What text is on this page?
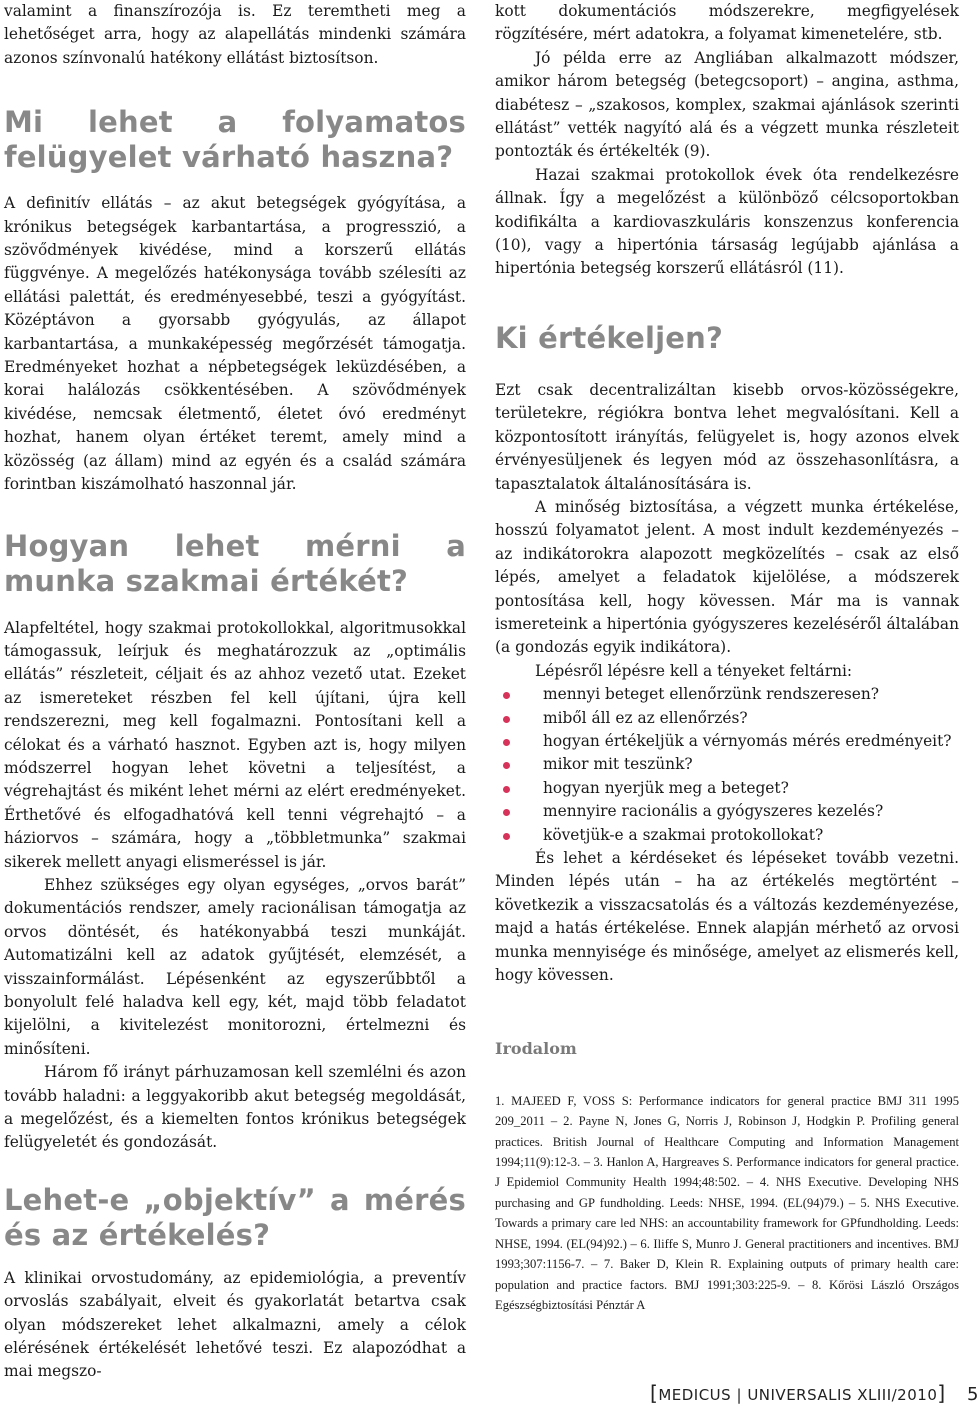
valamint a finanszírozója is. Ez teremtheti meg a lehetőséget arra, hogy az alapellátás mindenki számára azonos színvonalú hatékony ellátást biztosítson.

Mi lehet a folyamatos felügyelet várható haszna?

A definitív ellátás – az akut betegségek gyógyítása, a krónikus betegségek karbantartása, a progresszió, a szövődmények kivédése, mind a korszerű ellátás függvénye. A megelőzés hatékonysága tovább szélesíti az ellátási palettát, és eredményesebbé, teszi a gyógyítást. Középtávon a gyorsabb gyógyulás, az állapot karbantartása, a munkaképesség megőrzését támogatja. Eredményeket hozhat a népbetegségek leküzdésében, a korai halálozás csökkentésében. A szövődmények kivédése, nemcsak életmentő, életet óvó eredményt hozhat, hanem olyan értéket teremt, amely mind a közösség (az állam) mind az egyén és a család számára forintban kiszámolható haszonnal jár.

Hogyan lehet mérni a munka szakmai értékét?

Alapfeltétel, hogy szakmai protokollokkal, algoritmusokkal támogassuk, leírjuk és meghatározzuk az „optimális ellátás” részleteit, céljait és az ahhoz vezető utat. Ezeket az ismereteket részben fel kell újítani, újra kell rendszerezni, meg kell fogalmazni. Pontosítani kell a célokat és a várható hasznot. Egyben azt is, hogy milyen módszerrel hogyan lehet követni a teljesítést, a végrehajtást és miként lehet mérni az elért eredményeket. Érthetővé és elfogadhatóvá kell tenni végrehajtó – a háziorvos – számára, hogy a „többletmunka” szakmai sikerek mellett anyagi elismeréssel is jár.

Ehhez szükséges egy olyan egységes, „orvos barát” dokumentációs rendszer, amely racionálisan támogatja az orvos döntését, és hatékonyabbá teszi munkáját. Automatizálni kell az adatok gyűjtését, elemzését, a visszainformálást. Lépésenként az egyszerűbbtől a bonyolult felé haladva kell egy, két, majd több feladatot kijelölni, a kivitelezést monitorozni, értelmezni és minősíteni.

Három fő irányt párhuzamosan kell szemlélni és azon tovább haladni: a leggyakoribb akut betegség megoldását, a megelőzést, és a kiemelten fontos krónikus betegségek felügyeletét és gondozását.

Lehet-e „objektív” a mérés és az értékelés?

A klinikai orvostudomány, az epidemiológia, a preventív orvoslás szabályait, elveit és gyakorlatát betartva csak olyan módszereket lehet alkalmazni, amely a célok elérésének értékelését lehetővé teszi. Ez alapozódhat a mai megszo-

kott dokumentációs módszerekre, megfigyelések rögzítésére, mért adatokra, a folyamat kimenetelére, stb.

Jó példa erre az Angliában alkalmazott módszer, amikor három betegség (betegcsoport) – angina, asthma, diabétesz – „szakosos, komplex, szakmai ajánlások szerinti ellátást” vették nagyító alá és a végzett munka részleteit pontozták és értékelték (9).

Hazai szakmai protokollok évek óta rendelkezésre állnak. Így a megelőzést a különböző célcsoportokban kodifikálta a kardiovaszkuláris konszenzus konferencia (10), vagy a hipertónia társaság legújabb ajánlása a hipertónia betegség korszerű ellátásról (11).

Ki értékeljen?

Ezt csak decentralizáltan kisebb orvos-közösségekre, területekre, régiókra bontva lehet megvalósítani. Kell a központosított irányítás, felügyelet is, hogy azonos elvek érvényesüljenek és legyen mód az összehasonlításra, a tapasztalatok általánosítására is.

A minőség biztosítása, a végzett munka értékelése, hosszú folyamatot jelent. A most indult kezdeményezés – az indikátorokra alapozott megközelítés – csak az első lépés, amelyet a feladatok kijelölése, a módszerek pontosítása kell, hogy kövessen. Már ma is vannak ismereteink a hipertónia gyógyszeres kezeléséről általában (a gondozás egyik indikátora).

Lépésről lépésre kell a tényeket feltárni:

mennyi beteget ellenőrzünk rendszeresen?
miből áll ez az ellenőrzés?
hogyan értékeljük a vérnyomás mérés eredményeit?
mikor mit teszünk?
hogyan nyerjük meg a beteget?
mennyire racionális a gyógyszeres kezelés?
követjük-e a szakmai protokollokat?

És lehet a kérdéseket és lépéseket tovább vezetni. Minden lépés után – ha az értékelés megtörtént – következik a visszacsatolás és a változás kezdeményezése, majd a hatás értékelése. Ennek alapján mérhető az orvosi munka mennyisége és minősége, amelyet az elismerés kell, hogy kövessen.

Irodalom

1. MAJEED F, VOSS S: Performance indicators for general practice BMJ 311 1995 209_2011 – 2. Payne N, Jones G, Norris J, Robinson J, Hodgkin P. Profiling general practices. British Journal of Healthcare Computing and Information Management 1994;11(9):12-3. – 3. Hanlon A, Hargreaves S. Performance indicators for general practice. J Epidemiol Community Health 1994;48:502. – 4. NHS Executive. Developing NHS purchasing and GP fundholding. Leeds: NHSE, 1994. (EL(94)79.) – 5. NHS Executive. Towards a primary care led NHS: an accountability framework for GPfundholding. Leeds: NHSE, 1994. (EL(94)92.) – 6. Iliffe S, Munro J. General practitioners and incentives. BMJ 1993;307:1156-7. – 7. Baker D, Klein R. Explaining outputs of primary health care: population and practice factors. BMJ 1991;303:225-9. – 8. Kőrösi László Országos Egészségbiztosítási Pénztár A

[MEDICUS | UNIVERSALIS XLIII/2010] 5
